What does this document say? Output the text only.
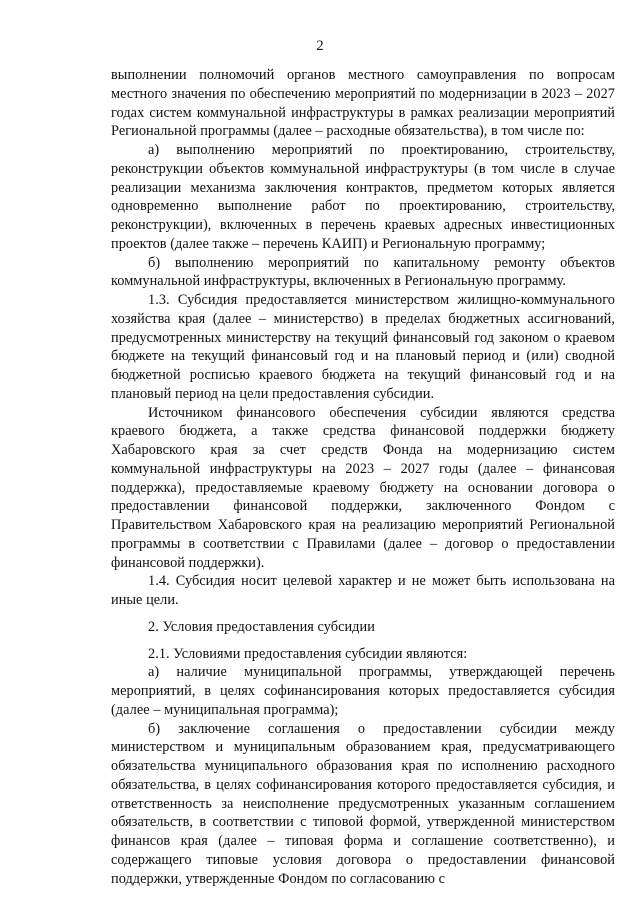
2

выполнении полномочий органов местного самоуправления по вопросам местного значения по обеспечению мероприятий по модернизации в 2023 – 2027 годах систем коммунальной инфраструктуры в рамках реализации мероприятий Региональной программы (далее – расходные обязательства), в том числе по:

а) выполнению мероприятий по проектированию, строительству, реконструкции объектов коммунальной инфраструктуры (в том числе в случае реализации механизма заключения контрактов, предметом которых является одновременно выполнение работ по проектированию, строительству, реконструкции), включенных в перечень краевых адресных инвестиционных проектов (далее также – перечень КАИП) и Региональную программу;

б) выполнению мероприятий по капитальному ремонту объектов коммунальной инфраструктуры, включенных в Региональную программу.

1.3. Субсидия предоставляется министерством жилищно-коммунального хозяйства края (далее – министерство) в пределах бюджетных ассигнований, предусмотренных министерству на текущий финансовый год законом о краевом бюджете на текущий финансовый год и на плановый период и (или) сводной бюджетной росписью краевого бюджета на текущий финансовый год и на плановый период на цели предоставления субсидии.

Источником финансового обеспечения субсидии являются средства краевого бюджета, а также средства финансовой поддержки бюджету Хабаровского края за счет средств Фонда на модернизацию систем коммунальной инфраструктуры на 2023 – 2027 годы (далее – финансовая поддержка), предоставляемые краевому бюджету на основании договора о предоставлении финансовой поддержки, заключенного Фондом с Правительством Хабаровского края на реализацию мероприятий Региональной программы в соответствии с Правилами (далее – договор о предоставлении финансовой поддержки).

1.4. Субсидия носит целевой характер и не может быть использована на иные цели.

2. Условия предоставления субсидии

2.1. Условиями предоставления субсидии являются:

а) наличие муниципальной программы, утверждающей перечень мероприятий, в целях софинансирования которых предоставляется субсидия (далее – муниципальная программа);

б) заключение соглашения о предоставлении субсидии между министерством и муниципальным образованием края, предусматривающего обязательства муниципального образования края по исполнению расходного обязательства, в целях софинансирования которого предоставляется субсидия, и ответственность за неисполнение предусмотренных указанным соглашением обязательств, в соответствии с типовой формой, утвержденной министерством финансов края (далее – типовая форма и соглашение соответственно), и содержащего типовые условия договора о предоставлении финансовой поддержки, утвержденные Фондом по согласованию с
